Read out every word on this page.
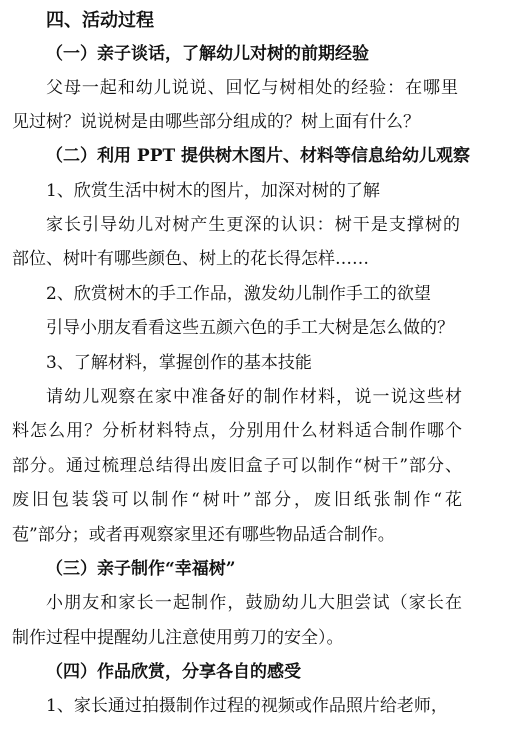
四、活动过程
（一）亲子谈话，了解幼儿对树的前期经验
父母一起和幼儿说说、回忆与树相处的经验：在哪里
见过树？说说树是由哪些部分组成的？树上面有什么？
（二）利用 PPT 提供树木图片、材料等信息给幼儿观察
1、欣赏生活中树木的图片，加深对树的了解
家长引导幼儿对树产生更深的认识：树干是支撑树的
部位、树叶有哪些颜色、树上的花长得怎样……
2、欣赏树木的手工作品，激发幼儿制作手工的欲望
引导小朋友看看这些五颜六色的手工大树是怎么做的？
3、了解材料，掌握创作的基本技能
请幼儿观察在家中准备好的制作材料，说一说这些材
料怎么用？分析材料特点，分别用什么材料适合制作哪个
部分。通过梳理总结得出废旧盒子可以制作“树干”部分、
废旧包装袋可以制作“树叶”部分，废旧纸张制作“花
苞”部分；或者再观察家里还有哪些物品适合制作。
（三）亲子制作“幸福树”
小朋友和家长一起制作，鼓励幼儿大胆尝试（家长在
制作过程中提醒幼儿注意使用剪刀的安全）。
（四）作品欣赏，分享各自的感受
1、家长通过拍摄制作过程的视频或作品照片给老师，
